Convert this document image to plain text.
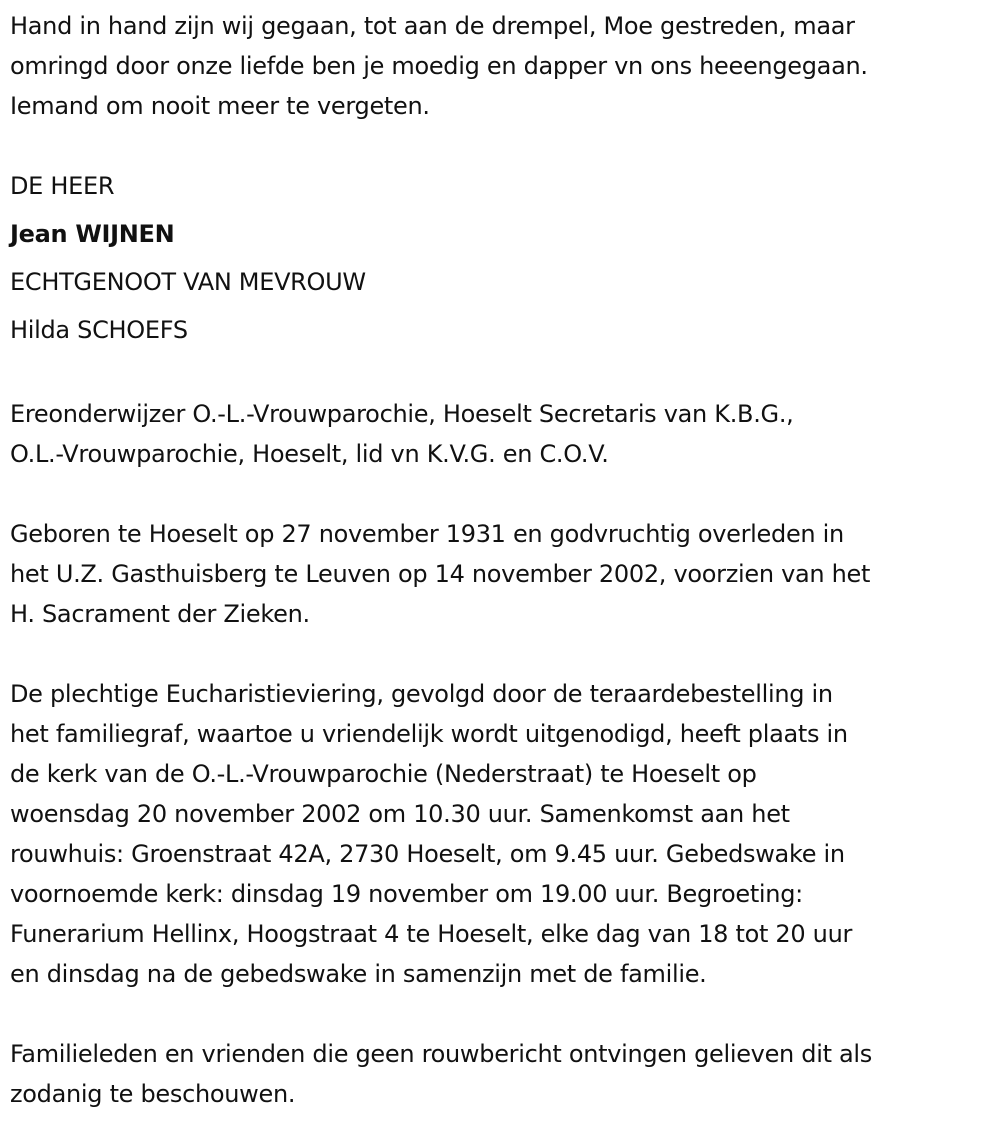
Hand in hand zijn wij gegaan, tot aan de drempel, Moe gestreden, maar
omringd door onze liefde ben je moedig en dapper vn ons heeengegaan.
Iemand om nooit meer te vergeten.
DE HEER
Jean WIJNEN
ECHTGENOOT VAN MEVROUW
Hilda SCHOEFS
Ereonderwijzer O.-L.-Vrouwparochie, Hoeselt Secretaris van K.B.G.,
O.L.-Vrouwparochie, Hoeselt, lid vn K.V.G. en C.O.V.
Geboren te Hoeselt op 27 november 1931 en godvruchtig overleden in
het U.Z. Gasthuisberg te Leuven op 14 november 2002, voorzien van het
H. Sacrament der Zieken.
De plechtige Eucharistieviering, gevolgd door de teraardebestelling in
het familiegraf, waartoe u vriendelijk wordt uitgenodigd, heeft plaats in
de kerk van de O.-L.-Vrouwparochie (Nederstraat) te Hoeselt op
woensdag 20 november 2002 om 10.30 uur. Samenkomst aan het
rouwhuis: Groenstraat 42A, 2730 Hoeselt, om 9.45 uur. Gebedswake in
voornoemde kerk: dinsdag 19 november om 19.00 uur. Begroeting:
Funerarium Hellinx, Hoogstraat 4 te Hoeselt, elke dag van 18 tot 20 uur
en dinsdag na de gebedswake in samenzijn met de familie.
Familieleden en vrienden die geen rouwbericht ontvingen gelieven dit als
zodanig te beschouwen.
